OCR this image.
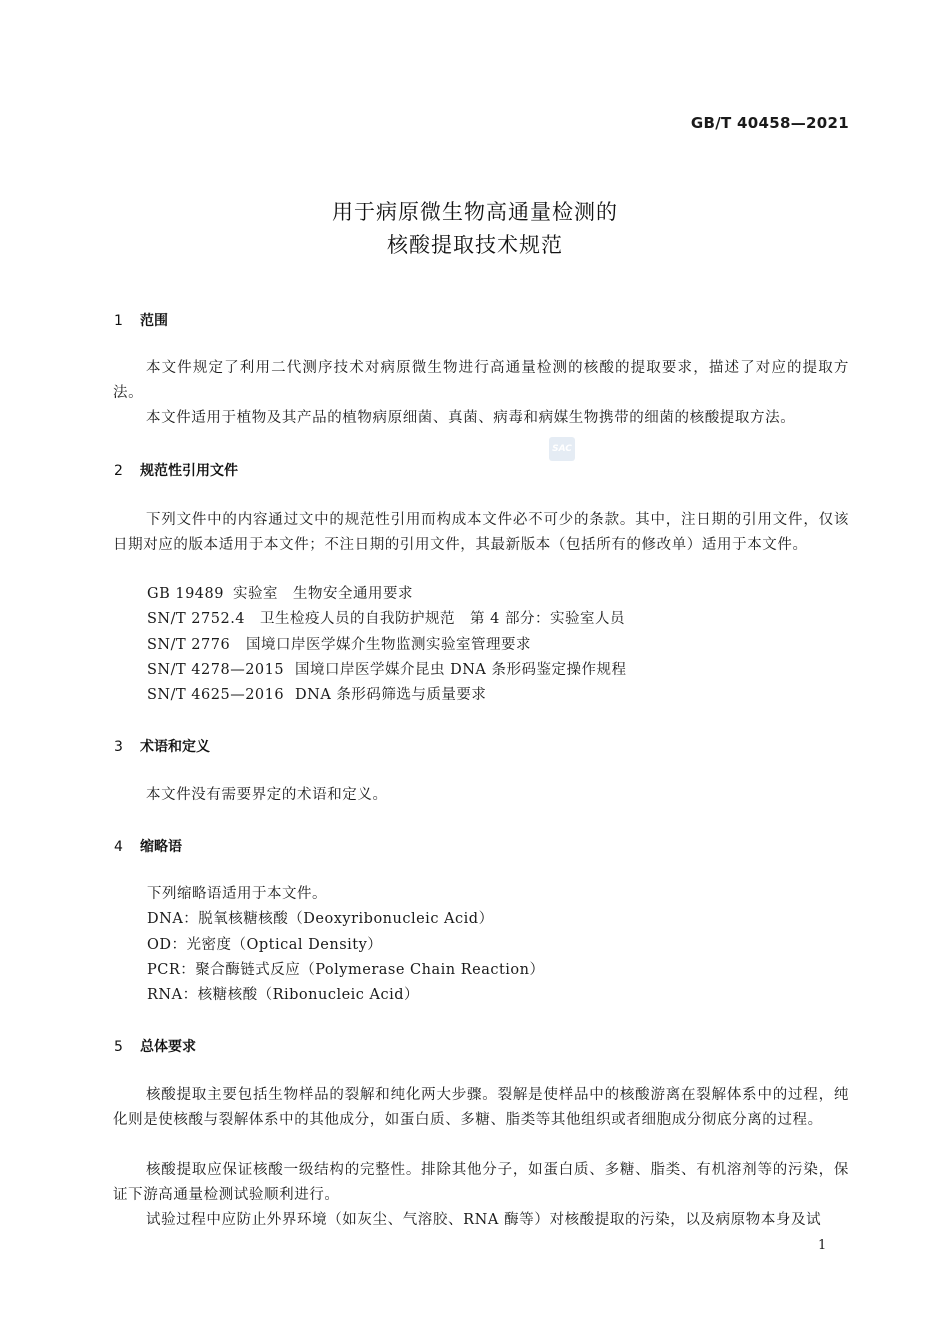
GB/T 40458—2021
用于病原微生物高通量检测的
核酸提取技术规范
1 范围
本文件规定了利用二代测序技术对病原微生物进行高通量检测的核酸的提取要求，描述了对应的提取方法。
本文件适用于植物及其产品的植物病原细菌、真菌、病毒和病媒生物携带的细菌的核酸提取方法。
SAC
2 规范性引用文件
下列文件中的内容通过文中的规范性引用而构成本文件必不可少的条款。其中，注日期的引用文件，仅该日期对应的版本适用于本文件；不注日期的引用文件，其最新版本（包括所有的修改单）适用于本文件。
GB 19489 实验室　生物安全通用要求
SN/T 2752.4 卫生检疫人员的自我防护规范　第 4 部分：实验室人员
SN/T 2776 国境口岸医学媒介生物监测实验室管理要求
SN/T 4278—2015 国境口岸医学媒介昆虫 DNA 条形码鉴定操作规程
SN/T 4625—2016 DNA 条形码筛选与质量要求
3 术语和定义
本文件没有需要界定的术语和定义。
4 缩略语
下列缩略语适用于本文件。
DNA：脱氧核糖核酸（Deoxyribonucleic Acid）
OD：光密度（Optical Density）
PCR：聚合酶链式反应（Polymerase Chain Reaction）
RNA：核糖核酸（Ribonucleic Acid）
5 总体要求
核酸提取主要包括生物样品的裂解和纯化两大步骤。裂解是使样品中的核酸游离在裂解体系中的过程，纯化则是使核酸与裂解体系中的其他成分，如蛋白质、多糖、脂类等其他组织或者细胞成分彻底分离的过程。
核酸提取应保证核酸一级结构的完整性。排除其他分子，如蛋白质、多糖、脂类、有机溶剂等的污染，保证下游高通量检测试验顺利进行。
试验过程中应防止外界环境（如灰尘、气溶胶、RNA 酶等）对核酸提取的污染，以及病原物本身及试
1
